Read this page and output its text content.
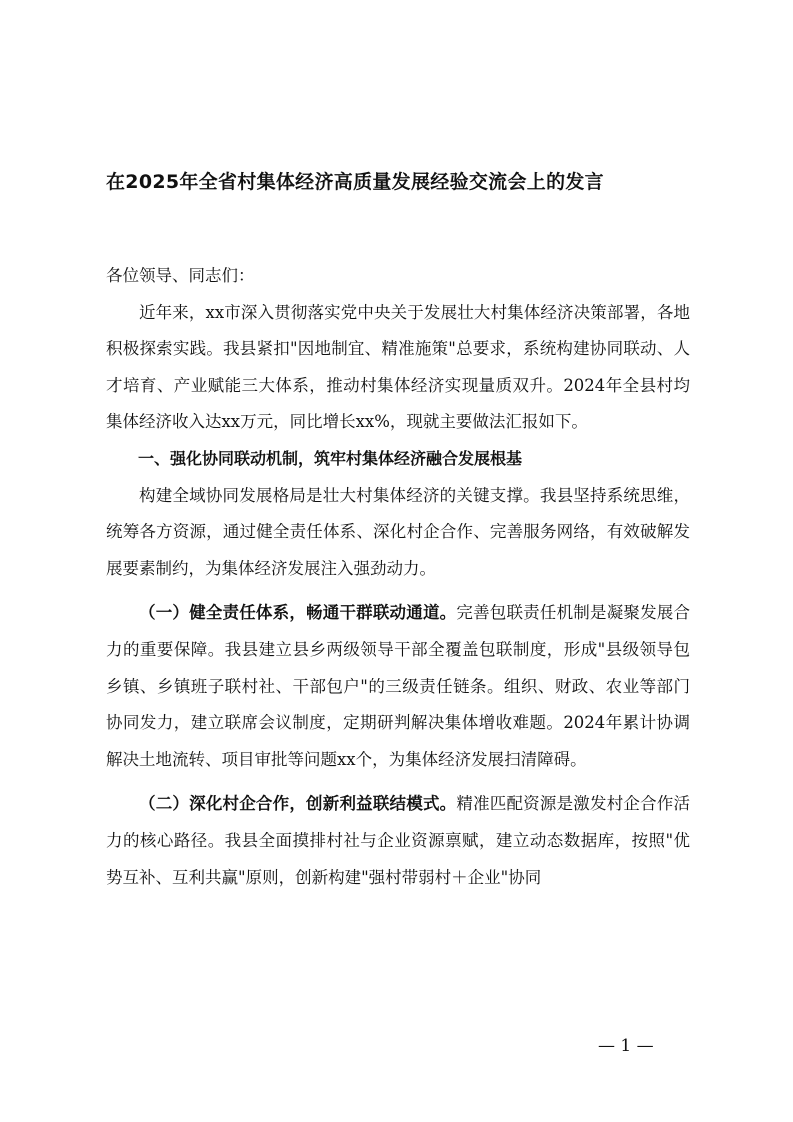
在2025年全省村集体经济高质量发展经验交流会上的发言

各位领导、同志们：

近年来，xx市深入贯彻落实党中央关于发展壮大村集体经济决策部署，各地积极探索实践。我县紧扣"因地制宜、精准施策"总要求，系统构建协同联动、人才培育、产业赋能三大体系，推动村集体经济实现量质双升。2024年全县村均集体经济收入达xx万元，同比增长xx%，现就主要做法汇报如下。

一、强化协同联动机制，筑牢村集体经济融合发展根基

构建全域协同发展格局是壮大村集体经济的关键支撑。我县坚持系统思维，统筹各方资源，通过健全责任体系、深化村企合作、完善服务网络，有效破解发展要素制约，为集体经济发展注入强劲动力。

（一）健全责任体系，畅通干群联动通道。完善包联责任机制是凝聚发展合力的重要保障。我县建立县乡两级领导干部全覆盖包联制度，形成"县级领导包乡镇、乡镇班子联村社、干部包户"的三级责任链条。组织、财政、农业等部门协同发力，建立联席会议制度，定期研判解决集体增收难题。2024年累计协调解决土地流转、项目审批等问题xx个，为集体经济发展扫清障碍。

（二）深化村企合作，创新利益联结模式。精准匹配资源是激发村企合作活力的核心路径。我县全面摸排村社与企业资源禀赋，建立动态数据库，按照"优势互补、互利共赢"原则，创新构建"强村带弱村＋企业"协同

— 1 —
